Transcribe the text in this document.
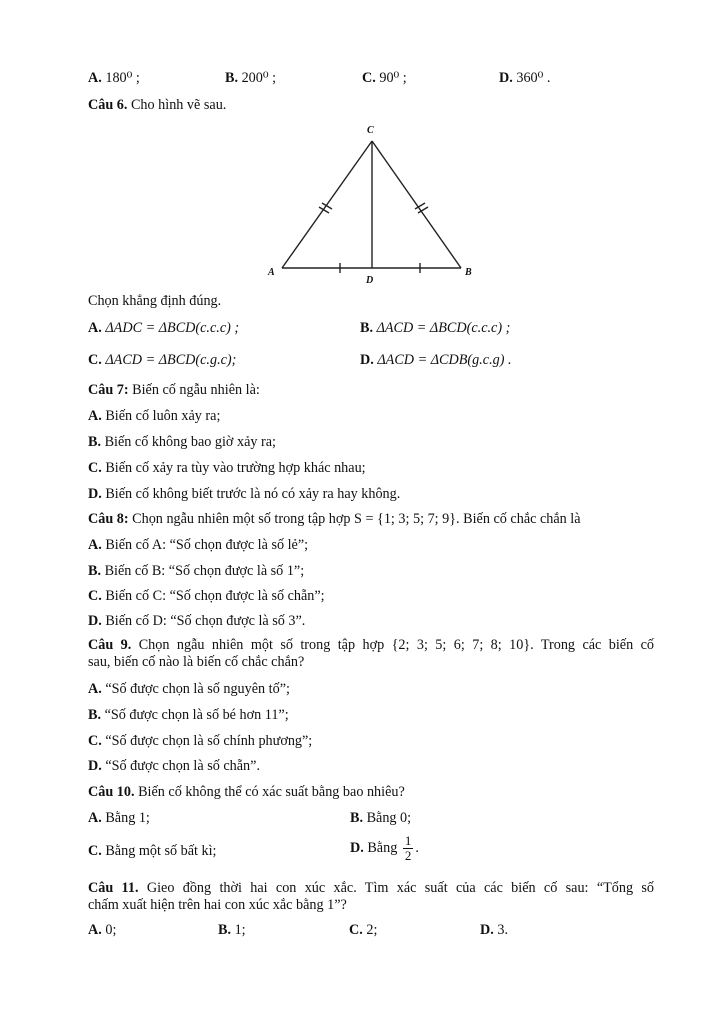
A. 180⁰ ;	B. 200⁰ ;	C. 90⁰ ;	D. 360⁰ .
Câu 6. Cho hình vẽ sau.
C
A	B
D
Chọn khẳng định đúng.
A. ΔADC = ΔBCD(c.c.c) ;	B. ΔACD = ΔBCD(c.c.c) ;
C. ΔACD = ΔBCD(c.g.c);	D. ΔACD = ΔCDB(g.c.g) .
Câu 7: Biến cố ngẫu nhiên là:
A. Biến cố luôn xảy ra;
B. Biến cố không bao giờ xảy ra;
C. Biến cố xảy ra tùy vào trường hợp khác nhau;
D. Biến cố không biết trước là nó có xảy ra hay không.
Câu 8: Chọn ngẫu nhiên một số trong tập hợp S = {1; 3; 5; 7; 9}. Biến cố chắc chắn là
A. Biến cố A: “Số chọn được là số lẻ”;
B. Biến cố B: “Số chọn được là số 1”;
C. Biến cố C: “Số chọn được là số chẵn”;
D. Biến cố D: “Số chọn được là số 3”.
Câu 9. Chọn ngẫu nhiên một số trong tập hợp {2; 3; 5; 6; 7; 8; 10}. Trong các biến cố
sau, biến cố nào là biến cố chắc chắn?
A. “Số được chọn là số nguyên tố”;
B. “Số được chọn là số bé hơn 11”;
C. “Số được chọn là số chính phương”;
D. “Số được chọn là số chẵn”.
Câu 10. Biến cố không thể có xác suất bằng bao nhiêu?
A. Bằng 1;	B. Bằng 0;
C. Bằng một số bất kì;	D. Bằng $\frac{1}{2}$ .
Câu 11. Gieo đồng thời hai con xúc xắc. Tìm xác suất của các biến cố sau: “Tổng số
chấm xuất hiện trên hai con xúc xắc bằng 1”?
A. 0;	B. 1;	C. 2;	D. 3.
